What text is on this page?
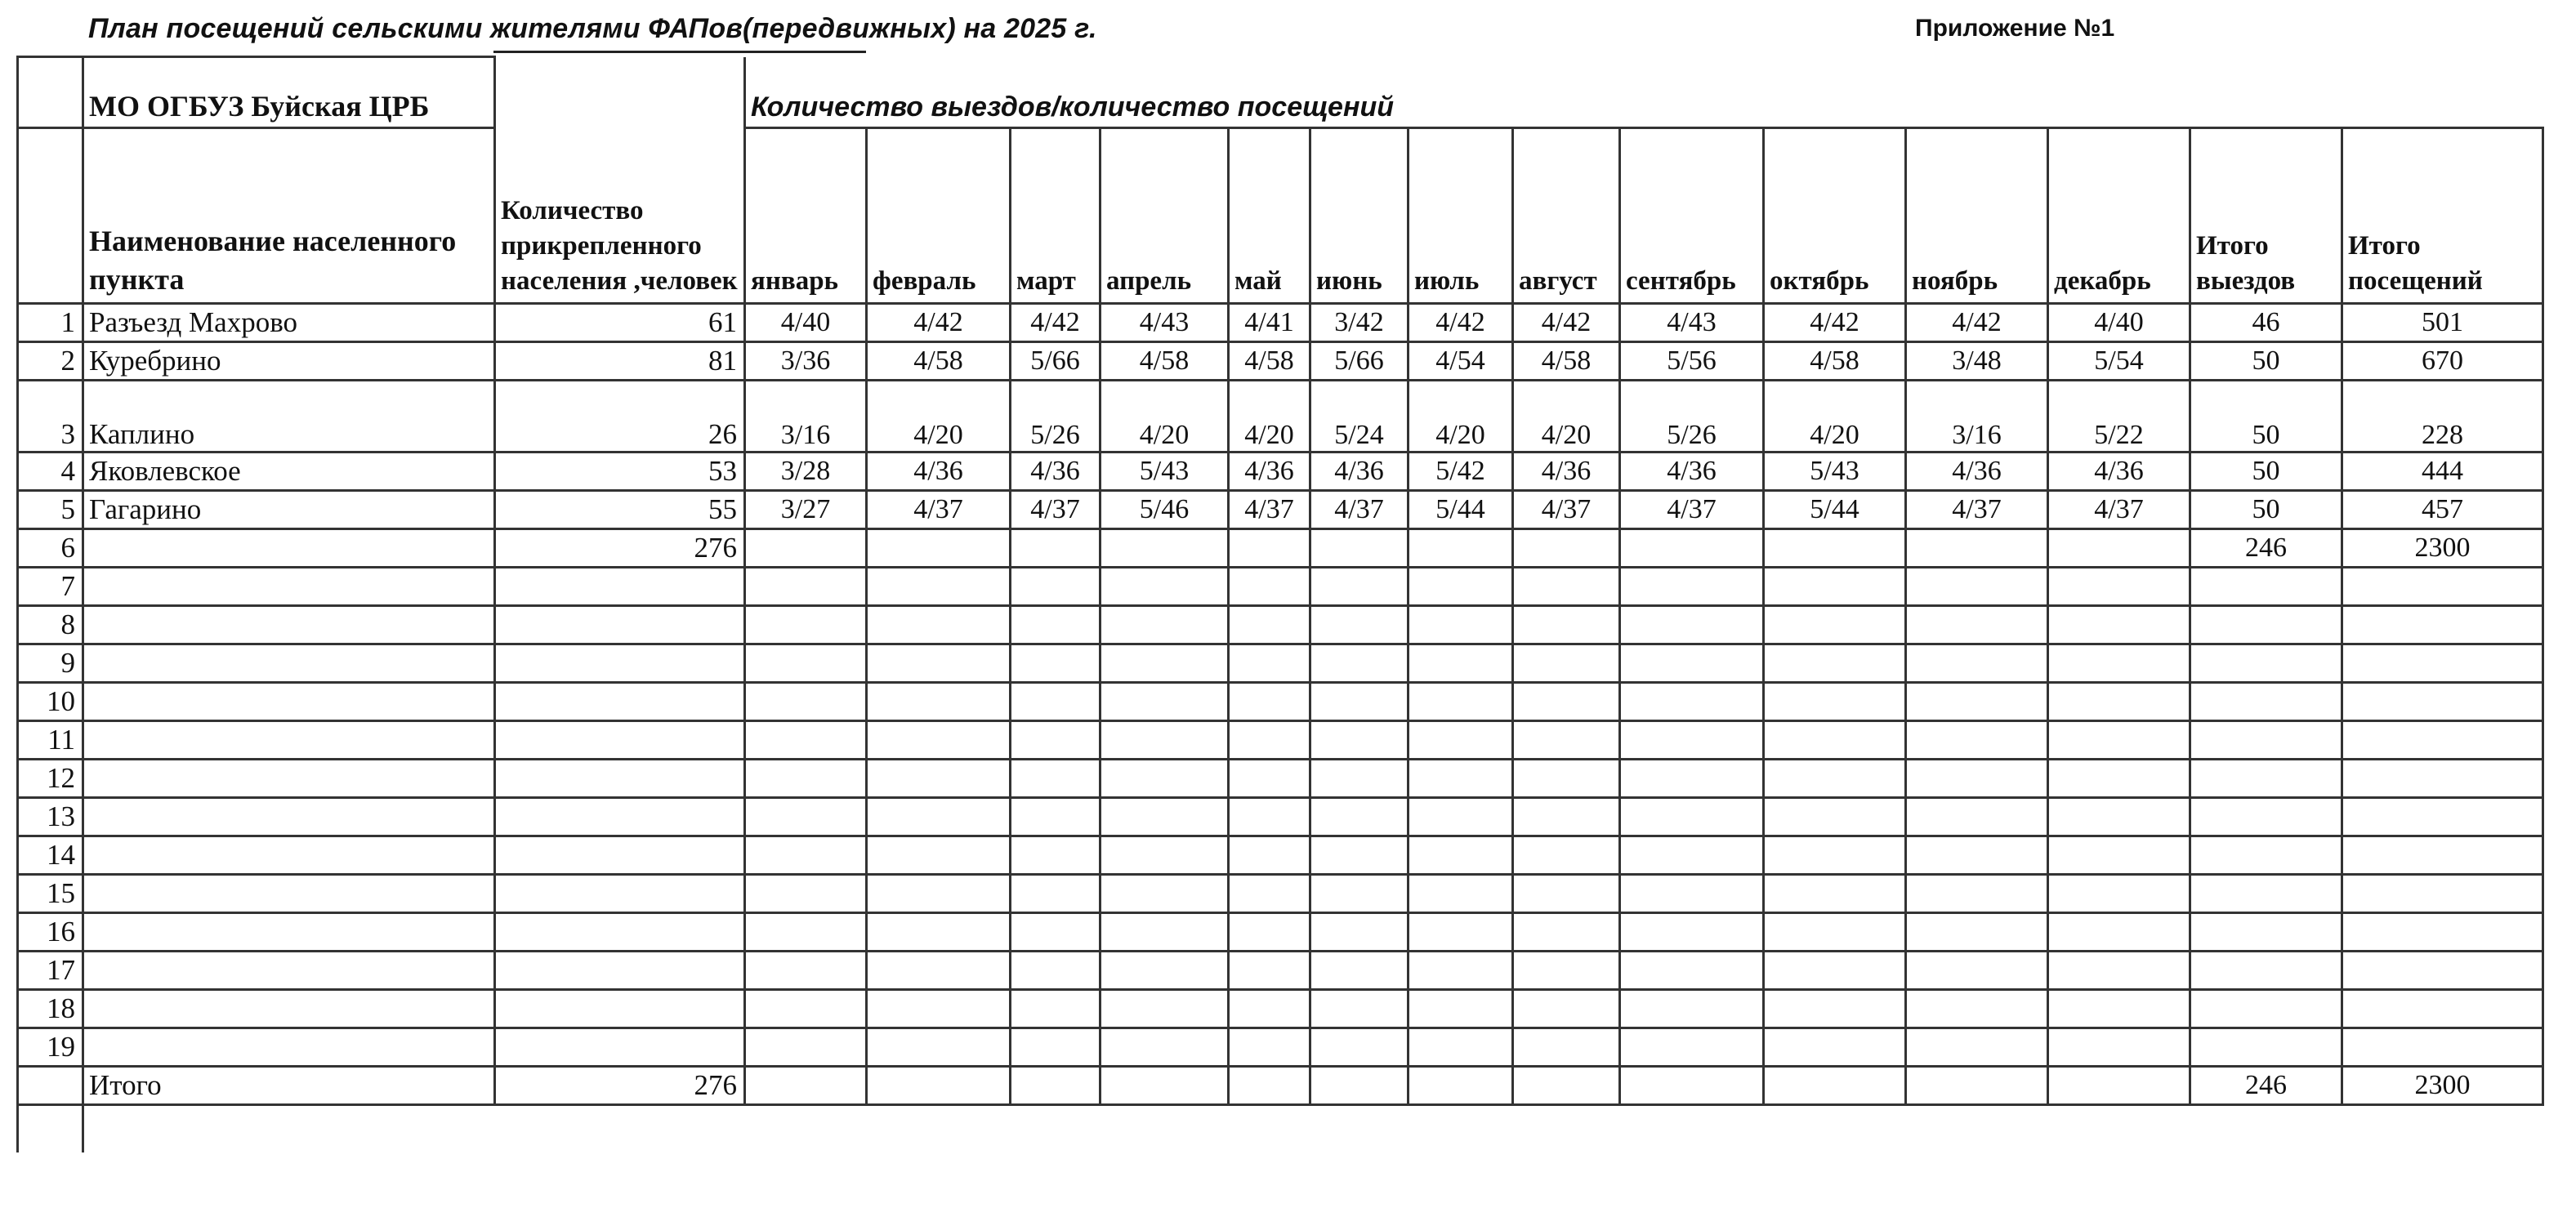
План посещений сельскими жителями ФАПов(передвижных) на 2025 г.	Приложение №1
	МО ОГБУЗ Буйская ЦРБ		Количество выездов/количество посещений													
	Наименование населенного пункта	Количество прикрепленного населения ,человек	январь	февраль	март	апрель	май	июнь	июль	август	сентябрь	октябрь	ноябрь	декабрь	Итого выездов	Итого посещений
1	Разъезд Махрово	61	4/40	4/42	4/42	4/43	4/41	3/42	4/42	4/42	4/43	4/42	4/42	4/40	46	501
2	Куребрино	81	3/36	4/58	5/66	4/58	4/58	5/66	4/54	4/58	5/56	4/58	3/48	5/54	50	670
3	Каплино	26	3/16	4/20	5/26	4/20	4/20	5/24	4/20	4/20	5/26	4/20	3/16	5/22	50	228
4	Яковлевское	53	3/28	4/36	4/36	5/43	4/36	4/36	5/42	4/36	4/36	5/43	4/36	4/36	50	444
5	Гагарино	55	3/27	4/37	4/37	5/46	4/37	4/37	5/44	4/37	4/37	5/44	4/37	4/37	50	457
6		276													246	2300
7																
8																
9																
10																
11																
12																
13																
14																
15																
16																
17																
18																
19																
	Итого	276													246	2300
